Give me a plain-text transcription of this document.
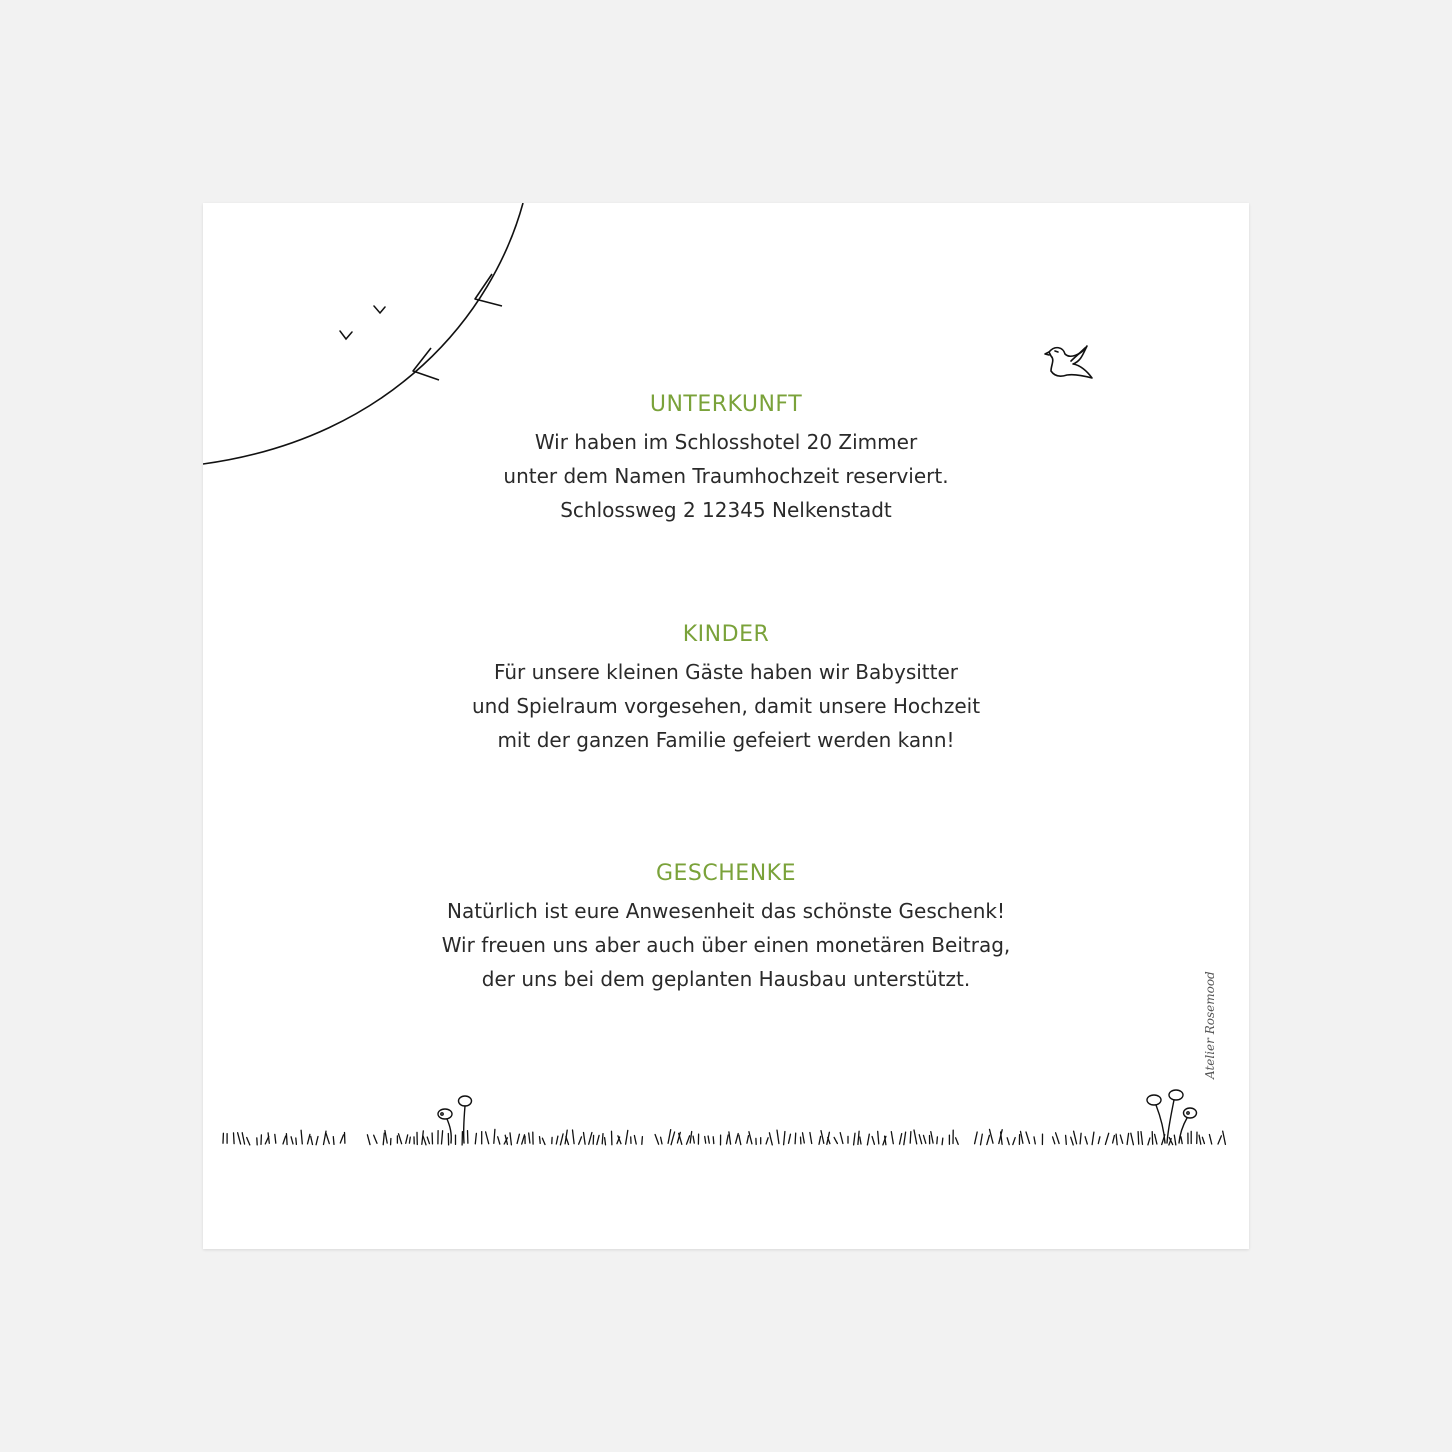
UNTERKUNFT

Wir haben im Schlosshotel 20 Zimmer

unter dem Namen Traumhochzeit reserviert.

Schlossweg 2 12345 Nelkenstadt

KINDER

Für unsere kleinen Gäste haben wir Babysitter

und Spielraum vorgesehen, damit unsere Hochzeit

mit der ganzen Familie gefeiert werden kann!

GESCHENKE

Natürlich ist eure Anwesenheit das schönste Geschenk!

Wir freuen uns aber auch über einen monetären Beitrag,

der uns bei dem geplanten Hausbau unterstützt.	Atelier Rosemood
